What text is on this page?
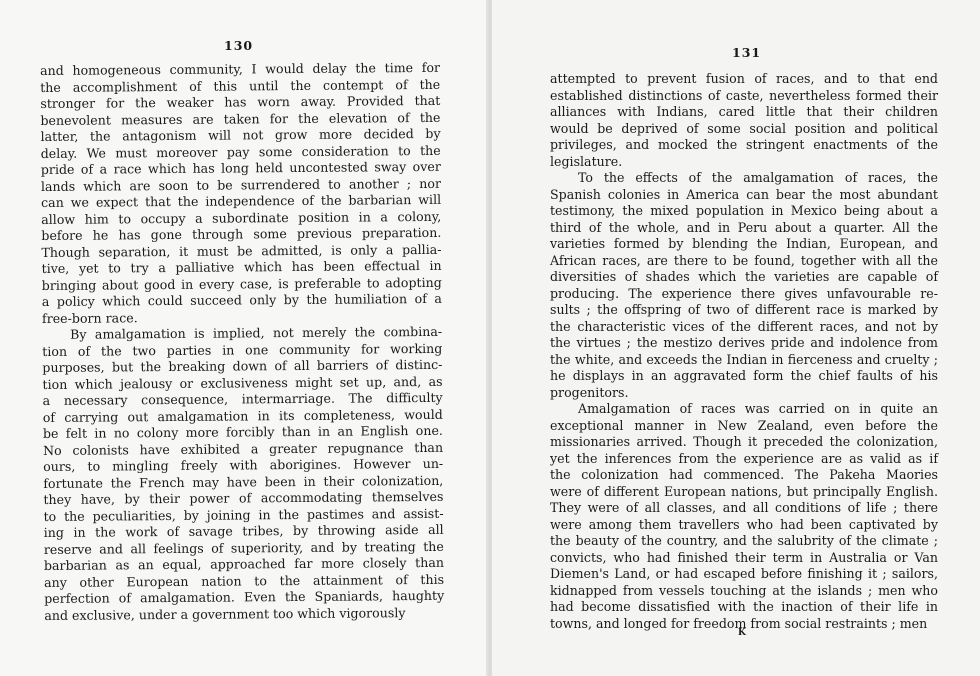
130
and homogeneous community, I would delay the time for
the accomplishment of this until the contempt of the
stronger for the weaker has worn away. Provided that
benevolent measures are taken for the elevation of the
latter, the antagonism will not grow more decided by
delay. We must moreover pay some consideration to the
pride of a race which has long held uncontested sway over
lands which are soon to be surrendered to another ; nor
can we expect that the independence of the barbarian will
allow him to occupy a subordinate position in a colony,
before he has gone through some previous preparation.
Though separation, it must be admitted, is only a pallia-
tive, yet to try a palliative which has been effectual in
bringing about good in every case, is preferable to adopting
a policy which could succeed only by the humiliation of a
free-born race.
By amalgamation is implied, not merely the combina-
tion of the two parties in one community for working
purposes, but the breaking down of all barriers of distinc-
tion which jealousy or exclusiveness might set up, and, as
a necessary consequence, intermarriage. The difficulty
of carrying out amalgamation in its completeness, would
be felt in no colony more forcibly than in an English one.
No colonists have exhibited a greater repugnance than
ours, to mingling freely with aborigines. However un-
fortunate the French may have been in their colonization,
they have, by their power of accommodating themselves
to the peculiarities, by joining in the pastimes and assist-
ing in the work of savage tribes, by throwing aside all
reserve and all feelings of superiority, and by treating the
barbarian as an equal, approached far more closely than
any other European nation to the attainment of this
perfection of amalgamation. Even the Spaniards, haughty
and exclusive, under a government too which vigorously
131
attempted to prevent fusion of races, and to that end
established distinctions of caste, nevertheless formed their
alliances with Indians, cared little that their children
would be deprived of some social position and political
privileges, and mocked the stringent enactments of the
legislature.
To the effects of the amalgamation of races, the
Spanish colonies in America can bear the most abundant
testimony, the mixed population in Mexico being about a
third of the whole, and in Peru about a quarter. All the
varieties formed by blending the Indian, European, and
African races, are there to be found, together with all the
diversities of shades which the varieties are capable of
producing. The experience there gives unfavourable re-
sults ; the offspring of two of different race is marked by
the characteristic vices of the different races, and not by
the virtues ; the mestizo derives pride and indolence from
the white, and exceeds the Indian in fierceness and cruelty ;
he displays in an aggravated form the chief faults of his
progenitors.
Amalgamation of races was carried on in quite an
exceptional manner in New Zealand, even before the
missionaries arrived. Though it preceded the colonization,
yet the inferences from the experience are as valid as if
the colonization had commenced. The Pakeha Maories
were of different European nations, but principally English.
They were of all classes, and all conditions of life ; there
were among them travellers who had been captivated by
the beauty of the country, and the salubrity of the climate ;
convicts, who had finished their term in Australia or Van
Diemen's Land, or had escaped before finishing it ; sailors,
kidnapped from vessels touching at the islands ; men who
had become dissatisfied with the inaction of their life in
towns, and longed for freedom from social restraints ; men
K
